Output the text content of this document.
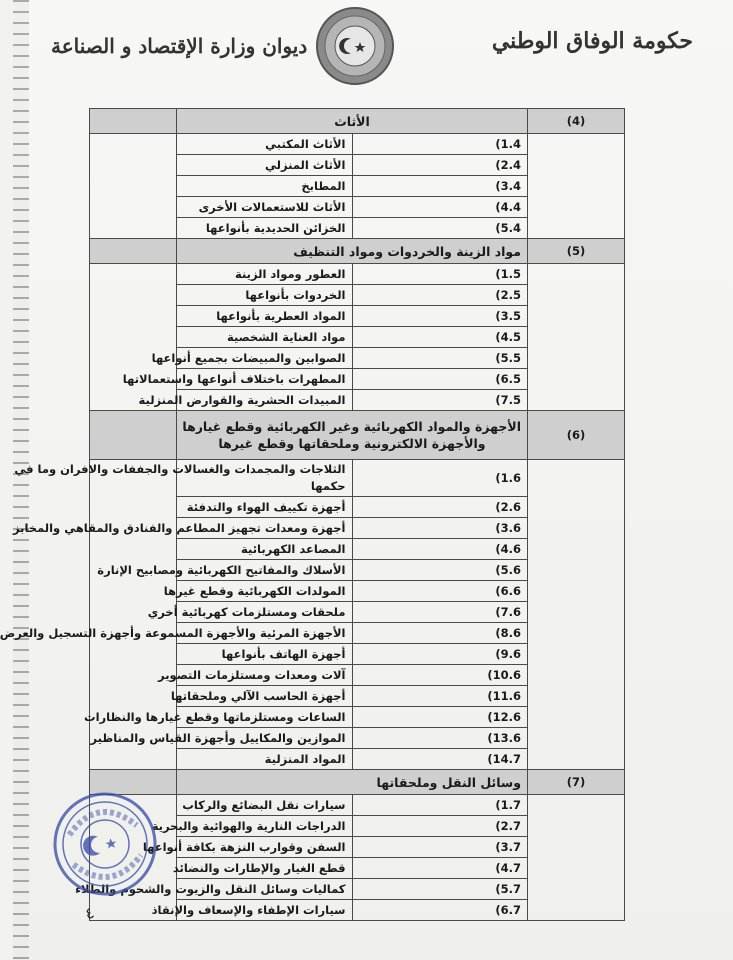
حكومة الوفاق الوطني
ديوان وزارة الإقتصاد و الصناعة
(4)	الأثاث		
	(1.4	الأثاث المكتبي	
	(2.4	الأثاث المنزلي	
	(3.4	المطابخ	
	(4.4	الأثاث للاستعمالات الأخرى	
	(5.4	الخزائن الحديدية بأنواعها	
(5)	مواد الزينة والخردوات ومواد التنظيف		
	(1.5	العطور ومواد الزينة	
	(2.5	الخردوات بأنواعها	
	(3.5	المواد العطرية بأنواعها	
	(4.5	مواد العناية الشخصية	
	(5.5	الصوابين والمبيضات بجميع أنواعها	
	(6.5	المطهرات باختلاف أنواعها واستعمالاتها	
	(7.5	المبيدات الحشرية والقوارض المنزلية	
(6)	الأجهزة والمواد الكهربائية وغير الكهربائية وقطع غيارها
والأجهزة الالكترونية وملحقاتها وقطع غيرها		

	(1.6	الثلاجات والمجمدات والغسالات والجففات والافران وما في
حكمها	

	(2.6	أجهزة تكييف الهواء والتدفئة	
	(3.6	أجهزة ومعدات تجهيز المطاعم والفنادق والمقاهي والمخابز	
	(4.6	المصاعد الكهربائية	
	(5.6	الأسلاك والمفاتيح الكهربائية ومصابيح الإنارة	
	(6.6	المولدات الكهربائية وقطع غيرها	
	(7.6	ملحقات ومستلزمات كهربائية أخري	
	(8.6	الأجهزة المرئية والأجهزة المسموعة وأجهزة التسجيل والعرض	
	(9.6	أجهزة الهاتف بأنواعها	
	(10.6	آلات ومعدات ومستلزمات التصوير	
	(11.6	أجهزة الحاسب الآلي وملحقاتها	
	(12.6	الساعات ومستلزماتها وقطع غيارها والنظارات	
	(13.6	الموازين والمكاييل وأجهزة القياس والمناظير	
	(14.7	المواد المنزلية	
(7)	وسائل النقل وملحقاتها		
	(1.7	سيارات نقل البضائع والركاب	
	(2.7	الدراجات النارية والهوائية والبحرية	
	(3.7	السفن وقوارب النزهة بكافة أنواعها	
	(4.7	قطع الغيار والإطارات والنضائد	
	(5.7	كماليات وسائل النقل والزيوت والشحوم والطلاء	
	(6.7	سيارات الإطفاء والإسعاف والإنقاذ	
٤
